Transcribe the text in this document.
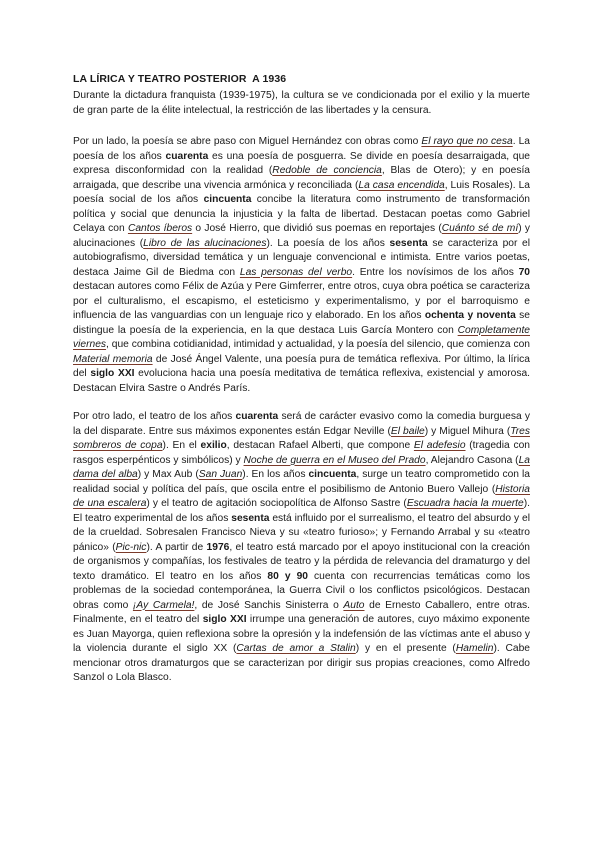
LA LÍRICA Y TEATRO POSTERIOR  A 1936
Durante la dictadura franquista (1939-1975), la cultura se ve condicionada por el exilio y la muerte de gran parte de la élite intelectual, la restricción de las libertades y la censura.
Por un lado, la poesía se abre paso con Miguel Hernández con obras como El rayo que no cesa. La poesía de los años cuarenta es una poesía de posguerra. Se divide en poesía desarraigada, que expresa disconformidad con la realidad (Redoble de conciencia, Blas de Otero); y en poesía arraigada, que describe una vivencia armónica y reconciliada (La casa encendida, Luis Rosales). La poesía social de los años cincuenta concibe la literatura como instrumento de transformación política y social que denuncia la injusticia y la falta de libertad. Destacan poetas como Gabriel Celaya con Cantos íberos o José Hierro, que dividió sus poemas en reportajes (Cuánto sé de mí) y alucinaciones (Libro de las alucinaciones). La poesía de los años sesenta se caracteriza por el autobiografismo, diversidad temática y un lenguaje convencional e intimista. Entre varios poetas, destaca Jaime Gil de Biedma con Las personas del verbo. Entre los novísimos de los años 70 destacan autores como Félix de Azúa y Pere Gimferrer, entre otros, cuya obra poética se caracteriza por el culturalismo, el escapismo, el esteticismo y experimentalismo, y por el barroquismo e influencia de las vanguardias con un lenguaje rico y elaborado. En los años ochenta y noventa se distingue la poesía de la experiencia, en la que destaca Luis García Montero con Completamente viernes, que combina cotidianidad, intimidad y actualidad, y la poesía del silencio, que comienza con Material memoria de José Ángel Valente, una poesía pura de temática reflexiva. Por último, la lírica del siglo XXI evoluciona hacia una poesía meditativa de temática reflexiva, existencial y amorosa. Destacan Elvira Sastre o Andrés París.
Por otro lado, el teatro de los años cuarenta será de carácter evasivo como la comedia burguesa y la del disparate. Entre sus máximos exponentes están Edgar Neville (El baile) y Miguel Mihura (Tres sombreros de copa). En el exilio, destacan Rafael Alberti, que compone El adefesio (tragedia con rasgos esperpénticos y simbólicos) y Noche de guerra en el Museo del Prado, Alejandro Casona (La dama del alba) y Max Aub (San Juan). En los años cincuenta, surge un teatro comprometido con la realidad social y política del país, que oscila entre el posibilismo de Antonio Buero Vallejo (Historia de una escalera) y el teatro de agitación sociopolítica de Alfonso Sastre (Escuadra hacia la muerte). El teatro experimental de los años sesenta está influido por el surrealismo, el teatro del absurdo y el de la crueldad. Sobresalen Francisco Nieva y su «teatro furioso»; y Fernando Arrabal y su «teatro pánico» (Pic-nic). A partir de 1976, el teatro está marcado por el apoyo institucional con la creación de organismos y compañías, los festivales de teatro y la pérdida de relevancia del dramaturgo y del texto dramático. El teatro en los años 80 y 90 cuenta con recurrencias temáticas como los problemas de la sociedad contemporánea, la Guerra Civil o los conflictos psicológicos. Destacan obras como ¡Ay Carmela!, de José Sanchis Sinisterra o Auto de Ernesto Caballero, entre otras. Finalmente, en el teatro del siglo XXI irrumpe una generación de autores, cuyo máximo exponente es Juan Mayorga, quien reflexiona sobre la opresión y la indefensión de las víctimas ante el abuso y la violencia durante el siglo XX (Cartas de amor a Stalin) y en el presente (Hamelin). Cabe mencionar otros dramaturgos que se caracterizan por dirigir sus propias creaciones, como Alfredo Sanzol o Lola Blasco.
